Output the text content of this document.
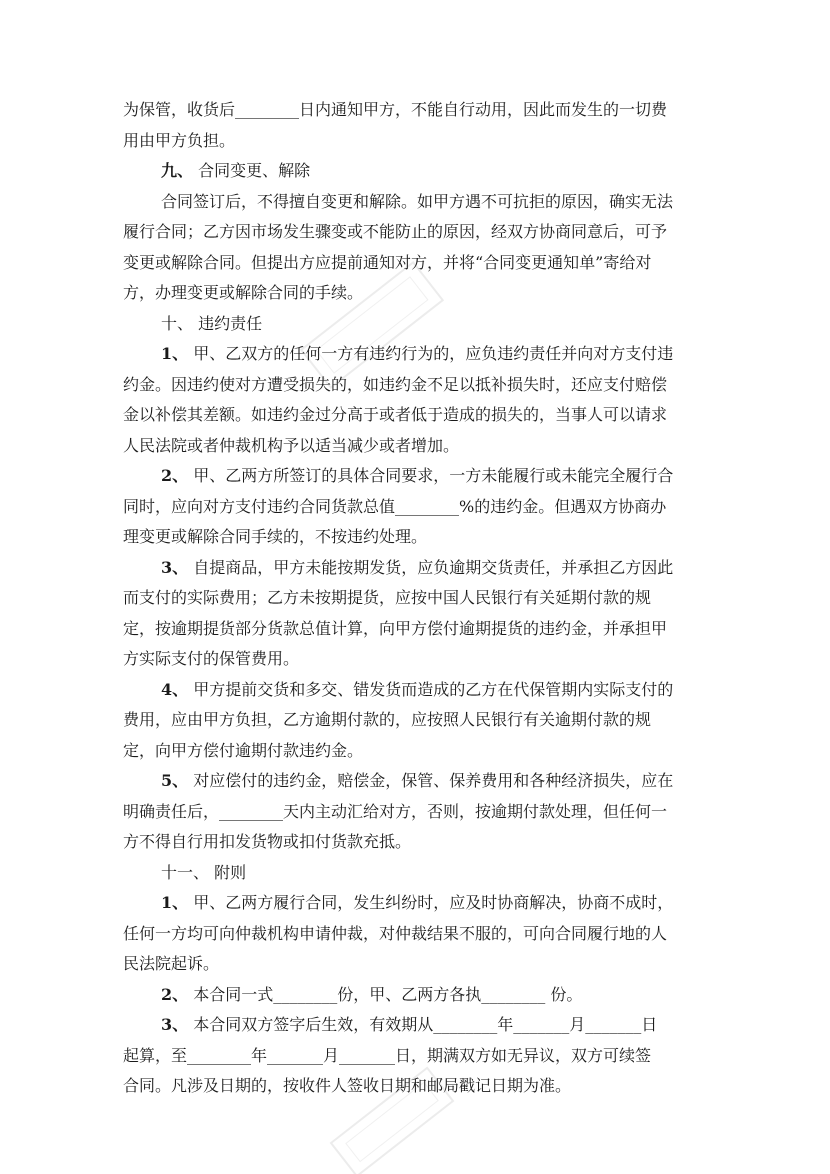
为保管，收货后________日内通知甲方，不能自行动用，因此而发生的一切费

用由甲方负担。

九、 合同变更、解除

合同签订后，不得擅自变更和解除。如甲方遇不可抗拒的原因，确实无法

履行合同；乙方因市场发生骤变或不能防止的原因，经双方协商同意后，可予

变更或解除合同。但提出方应提前通知对方，并将“合同变更通知单”寄给对

方，办理变更或解除合同的手续。

十、 违约责任

1、 甲、乙双方的任何一方有违约行为的，应负违约责任并向对方支付违

约金。因违约使对方遭受损失的，如违约金不足以抵补损失时，还应支付赔偿

金以补偿其差额。如违约金过分高于或者低于造成的损失的，当事人可以请求

人民法院或者仲裁机构予以适当减少或者增加。

2、 甲、乙两方所签订的具体合同要求，一方未能履行或未能完全履行合

同时，应向对方支付违约合同货款总值________%的违约金。但遇双方协商办

理变更或解除合同手续的，不按违约处理。

3、 自提商品，甲方未能按期发货，应负逾期交货责任，并承担乙方因此

而支付的实际费用；乙方未按期提货，应按中国人民银行有关延期付款的规

定，按逾期提货部分货款总值计算，向甲方偿付逾期提货的违约金，并承担甲

方实际支付的保管费用。

4、 甲方提前交货和多交、错发货而造成的乙方在代保管期内实际支付的

费用，应由甲方负担，乙方逾期付款的，应按照人民银行有关逾期付款的规

定，向甲方偿付逾期付款违约金。

5、 对应偿付的违约金，赔偿金，保管、保养费用和各种经济损失，应在

明确责任后，________天内主动汇给对方，否则，按逾期付款处理，但任何一

方不得自行用扣发货物或扣付货款充抵。

十一、 附则

1、 甲、乙两方履行合同，发生纠纷时，应及时协商解决，协商不成时，

任何一方均可向仲裁机构申请仲裁，对仲裁结果不服的，可向合同履行地的人

民法院起诉。

2、 本合同一式________份，甲、乙两方各执________ 份。

3、 本合同双方签字后生效，有效期从________年_______月_______日

起算，至________年_______月_______日，期满双方如无异议，双方可续签

合同。凡涉及日期的，按收件人签收日期和邮局戳记日期为准。
